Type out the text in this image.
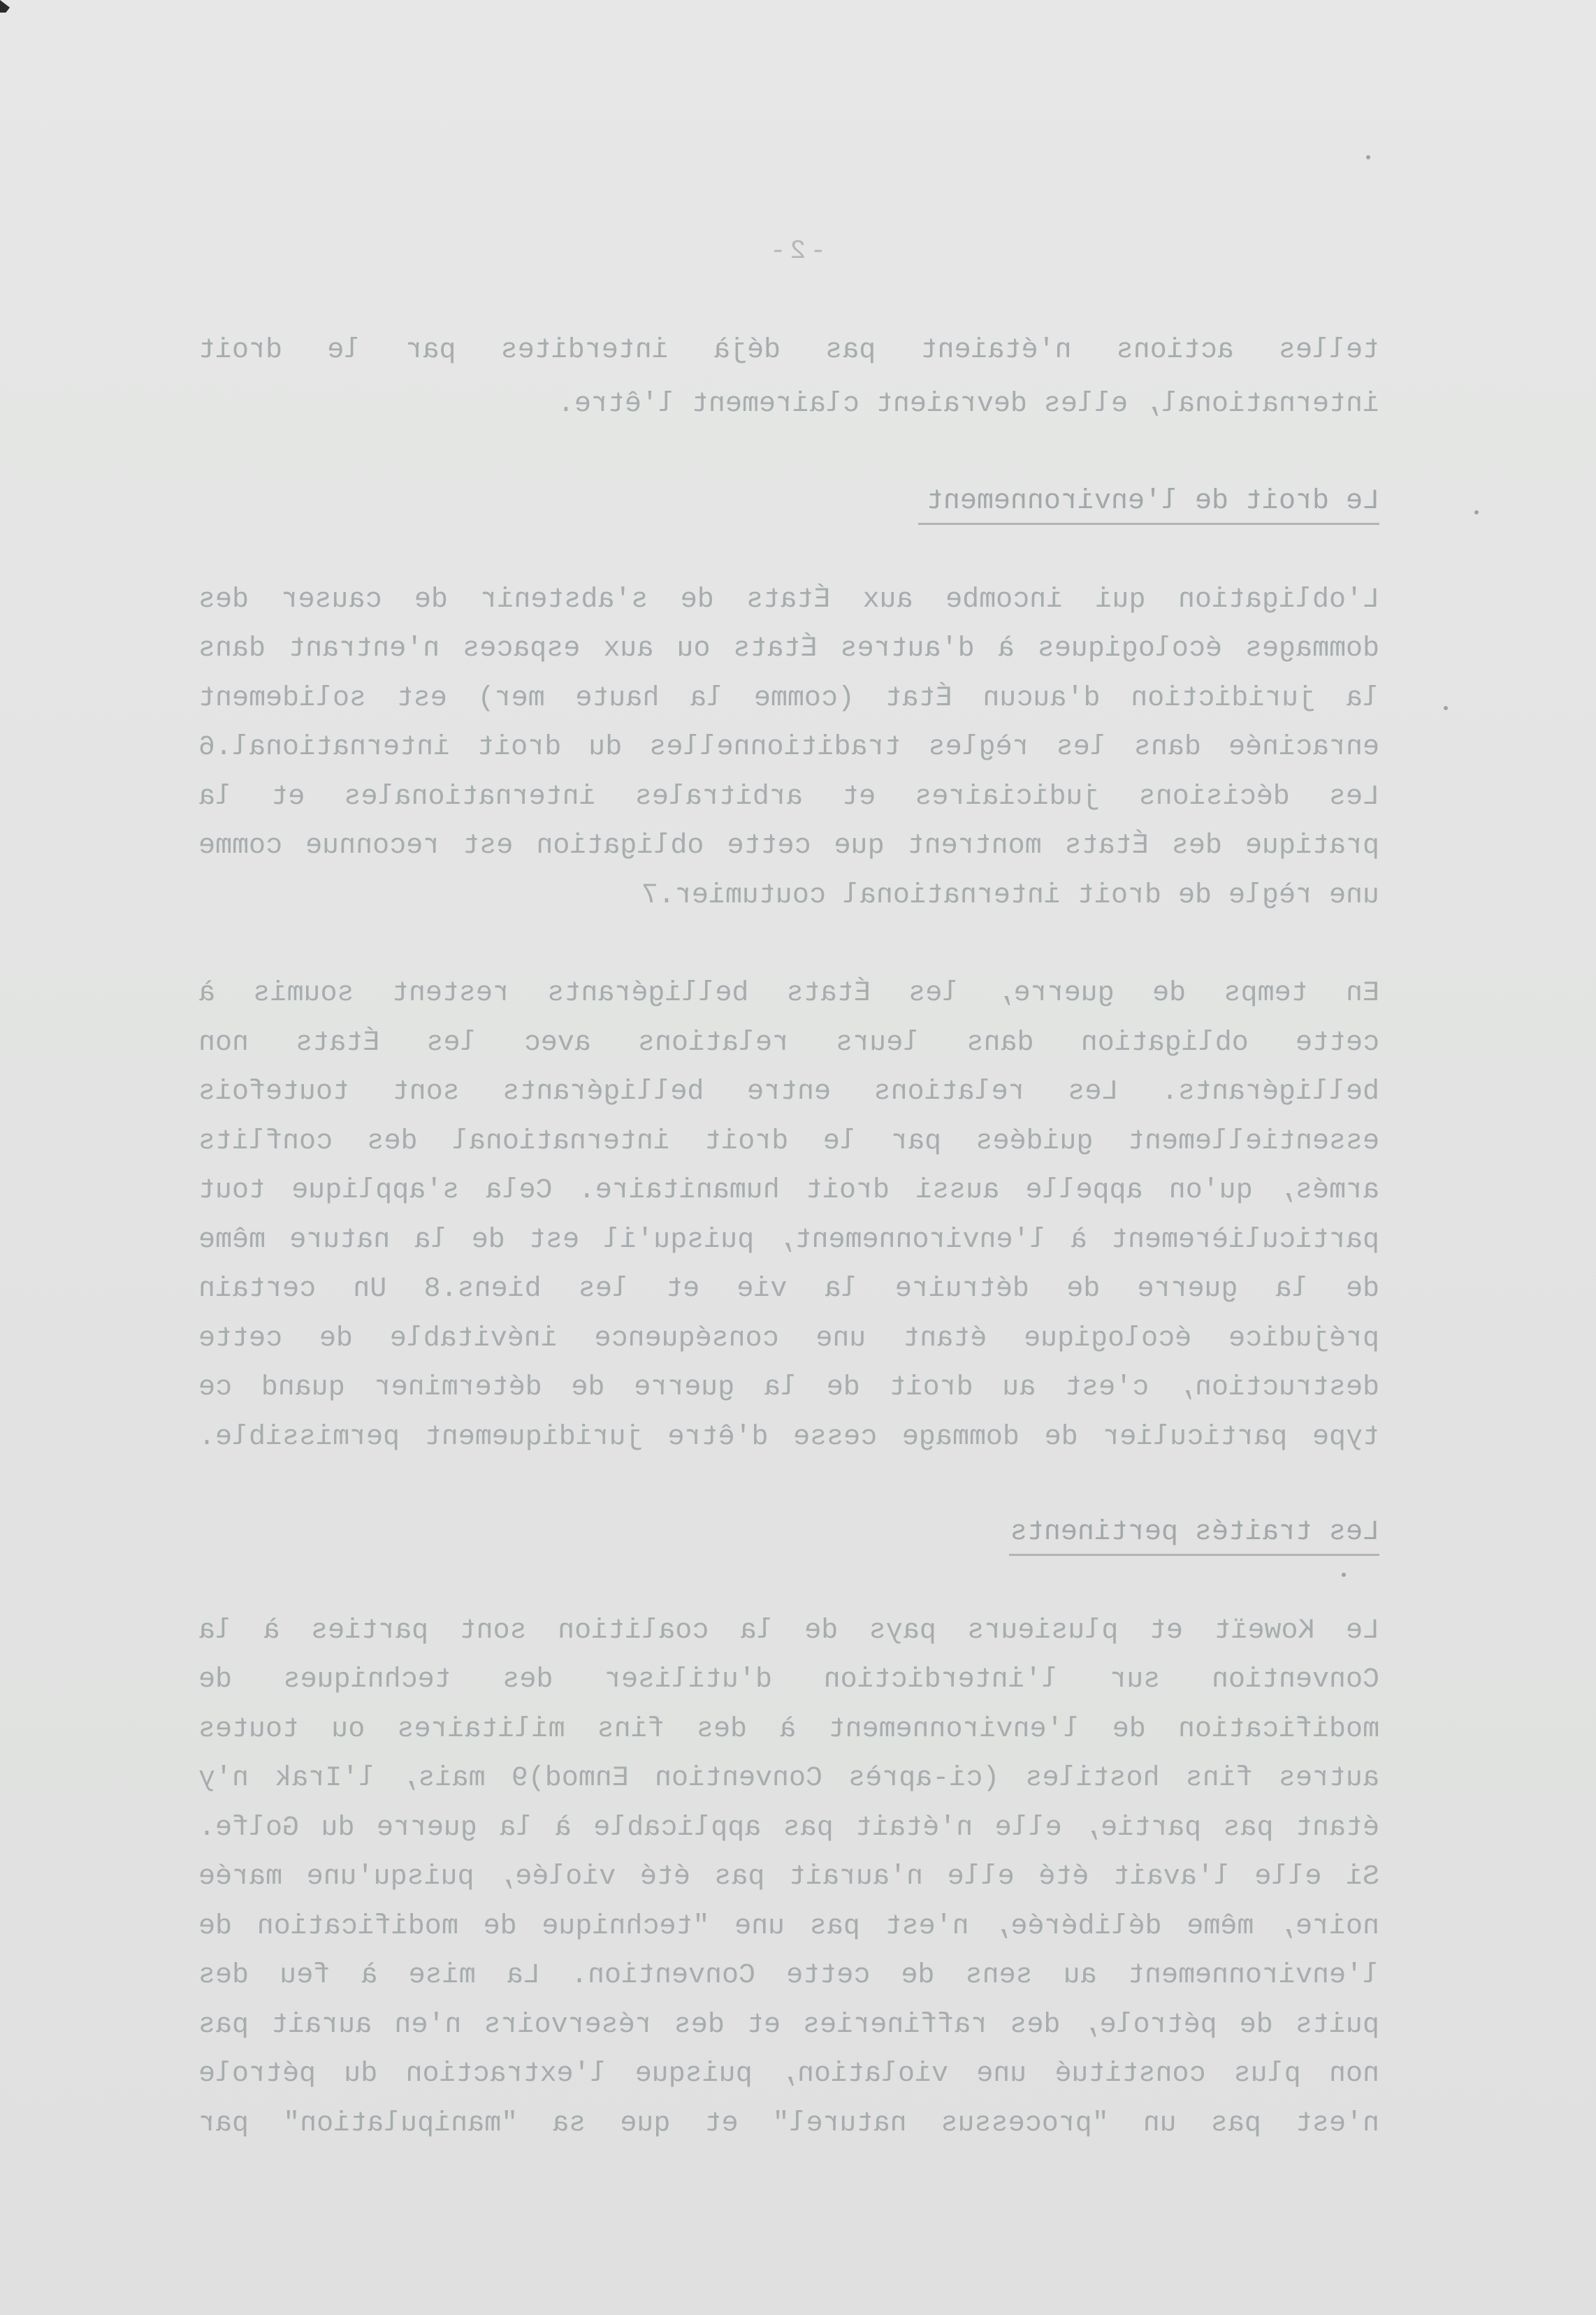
-2-

telles actions n'étaient pas déjà interdites par le droit

international, elles devraient clairement l'être.

Le droit de l'environnement

L'obligation qui incombe aux États de s'abstenir de causer des

dommages écologiques à d'autres États ou aux espaces n'entrant dans

la juridiction d'aucun État (comme la haute mer) est solidement

enracinée dans les règles traditionnelles du droit international.6

Les décisions judiciaires et arbitrales internationales et la

pratique des États montrent que cette obligation est reconnue comme

une règle de droit international coutumier.7

En temps de guerre, les États belligérants restent soumis à

cette obligation dans leurs relations avec les États non

belligérants. Les relations entre belligérants sont toutefois

essentiellement guidées par le droit international des conflits

armés, qu'on appelle aussi droit humanitaire. Cela s'applique tout

particulièrement à l'environnement, puisqu'il est de la nature même

de la guerre de détruire la vie et les biens.8 Un certain

préjudice écologique étant une conséquence inévitable de cette

destruction, c'est au droit de la guerre de déterminer quand ce

type particulier de dommage cesse d'être juridiquement permissible.

Les traités pertinents

Le Koweït et plusieurs pays de la coalition sont parties à la

Convention sur l'interdiction d'utiliser des techniques de

modification de l'environnement à des fins militaires ou toutes

autres fins hostiles (ci-après Convention Enmod)9 mais, l'Irak n'y

étant pas partie, elle n'était pas applicable à la guerre du Golfe.

Si elle l'avait été elle n'aurait pas été violée, puisqu'une marée

noire, même délibérée, n'est pas une "technique de modification de

l'environnement au sens de cette Convention. La mise à feu des

puits de pétrole, des raffineries et des réservoirs n'en aurait pas

non plus constitué une violation, puisque l'extraction du pétrole

n'est pas un "processus naturel" et que sa "manipulation" par
